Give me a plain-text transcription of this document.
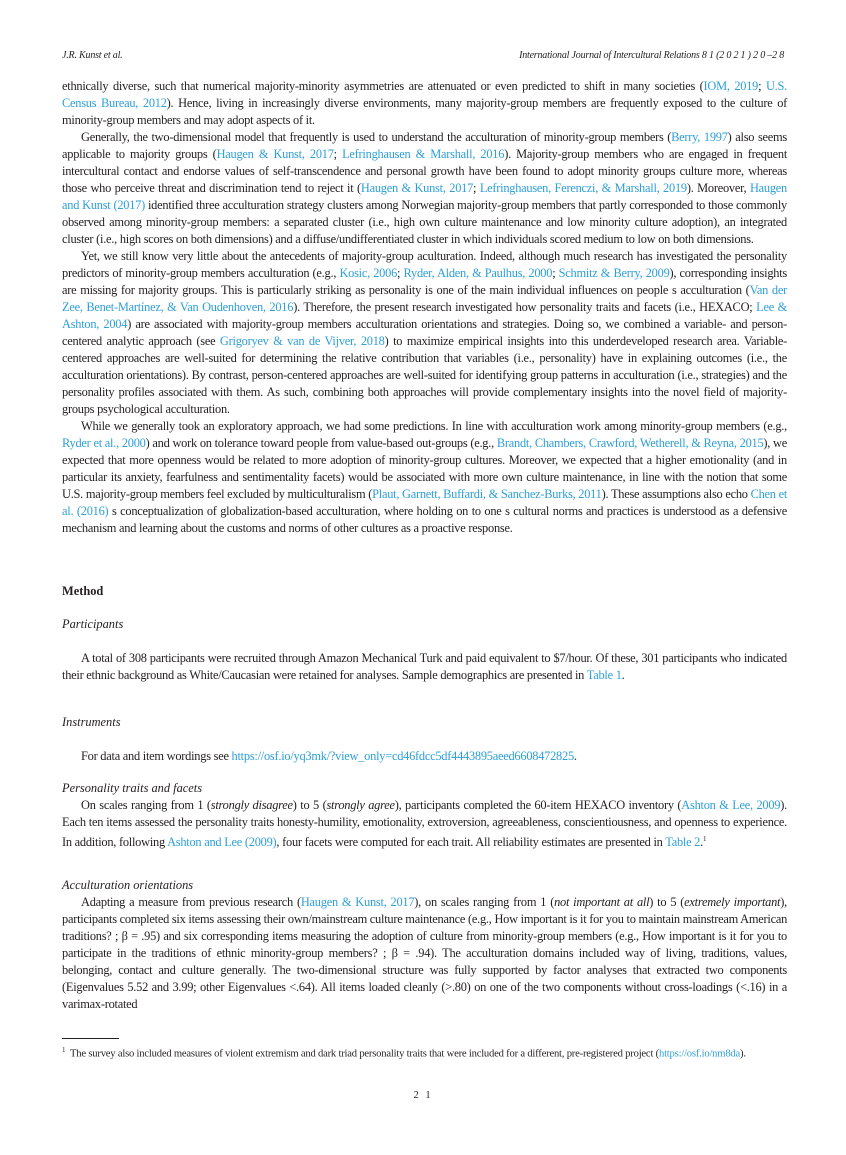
J.R. Kunst et al.	International Journal of Intercultural Relations 8 1 (2 0 2 1 ) 2 0 –2 8

ethnically diverse, such that numerical majority-minority asymmetries are attenuated or even predicted to shift in many societies (IOM, 2019; U.S. Census Bureau, 2012). Hence, living in increasingly diverse environments, many majority-group members are frequently exposed to the culture of minority-group members and may adopt aspects of it.

Generally, the two-dimensional model that frequently is used to understand the acculturation of minority-group members (Berry, 1997) also seems applicable to majority groups (Haugen & Kunst, 2017; Lefringhausen & Marshall, 2016). Majority-group members who are engaged in frequent intercultural contact and endorse values of self-transcendence and personal growth have been found to adopt minority groups culture more, whereas those who perceive threat and discrimination tend to reject it (Haugen & Kunst, 2017; Lefringhausen, Ferenczi, & Marshall, 2019). Moreover, Haugen and Kunst (2017) identified three acculturation strategy clusters among Norwegian majority-group members that partly corresponded to those commonly observed among minority-group members: a separated cluster (i.e., high own culture maintenance and low minority culture adoption), an integrated cluster (i.e., high scores on both dimensions) and a diffuse/undifferentiated cluster in which individuals scored medium to low on both dimensions.

Yet, we still know very little about the antecedents of majority-group aculturation. Indeed, although much research has investigated the personality predictors of minority-group members acculturation (e.g., Kosic, 2006; Ryder, Alden, & Paulhus, 2000; Schmitz & Berry, 2009), corresponding insights are missing for majority groups. This is particularly striking as personality is one of the main individual influences on people s acculturation (Van der Zee, Benet-Martínez, & Van Oudenhoven, 2016). Therefore, the present research investigated how personality traits and facets (i.e., HEXACO; Lee & Ashton, 2004) are associated with majority-group members acculturation orientations and strategies. Doing so, we combined a variable- and person-centered analytic approach (see Grigoryev & van de Vijver, 2018) to maximize empirical insights into this underdeveloped research area. Variable-centered approaches are well-suited for determining the relative contribution that variables (i.e., personality) have in explaining outcomes (i.e., the acculturation orientations). By contrast, person-centered approaches are well-suited for identifying group patterns in acculturation (i.e., strategies) and the personality profiles associated with them. As such, combining both approaches will provide complementary insights into the novel field of majority-groups psychological acculturation.

While we generally took an exploratory approach, we had some predictions. In line with acculturation work among minority-group members (e.g., Ryder et al., 2000) and work on tolerance toward people from value-based out-groups (e.g., Brandt, Chambers, Crawford, Wetherell, & Reyna, 2015), we expected that more openness would be related to more adoption of minority-group cultures. Moreover, we expected that a higher emotionality (and in particular its anxiety, fearfulness and sentimentality facets) would be associated with more own culture maintenance, in line with the notion that some U.S. majority-group members feel excluded by multiculturalism (Plaut, Garnett, Buffardi, & Sanchez-Burks, 2011). These assumptions also echo Chen et al. (2016) s conceptualization of globalization-based acculturation, where holding on to one s cultural norms and practices is understood as a defensive mechanism and learning about the customs and norms of other cultures as a proactive response.

Method
Participants

A total of 308 participants were recruited through Amazon Mechanical Turk and paid equivalent to $7/hour. Of these, 301 participants who indicated their ethnic background as White/Caucasian were retained for analyses. Sample demographics are presented in Table 1.

Instruments

For data and item wordings see https://osf.io/yq3mk/?view_only=cd46fdcc5df4443895aeed6608472825.

Personality traits and facets

On scales ranging from 1 (strongly disagree) to 5 (strongly agree), participants completed the 60-item HEXACO inventory (Ashton & Lee, 2009). Each ten items assessed the personality traits honesty-humility, emotionality, extroversion, agreeableness, conscientiousness, and openness to experience. In addition, following Ashton and Lee (2009), four facets were computed for each trait. All reliability estimates are presented in Table 2.$^1$

Acculturation orientations

Adapting a measure from previous research (Haugen & Kunst, 2017), on scales ranging from 1 (not important at all) to 5 (extremely important), participants completed six items assessing their own/mainstream culture maintenance (e.g., How important is it for you to maintain mainstream American traditions? ; β = .95) and six corresponding items measuring the adoption of culture from minority-group members (e.g., How important is it for you to participate in the traditions of ethnic minority-group members? ; β = .94). The acculturation domains included way of living, traditions, values, belonging, contact and culture generally. The two-dimensional structure was fully supported by factor analyses that extracted two components (Eigenvalues 5.52 and 3.99; other Eigenvalues <.64). All items loaded cleanly (>.80) on one of the two components without cross-loadings (<.16) in a varimax-rotated

$^1$ The survey also included measures of violent extremism and dark triad personality traits that were included for a different, pre-registered project (https://osf.io/nm8da).
2 1
